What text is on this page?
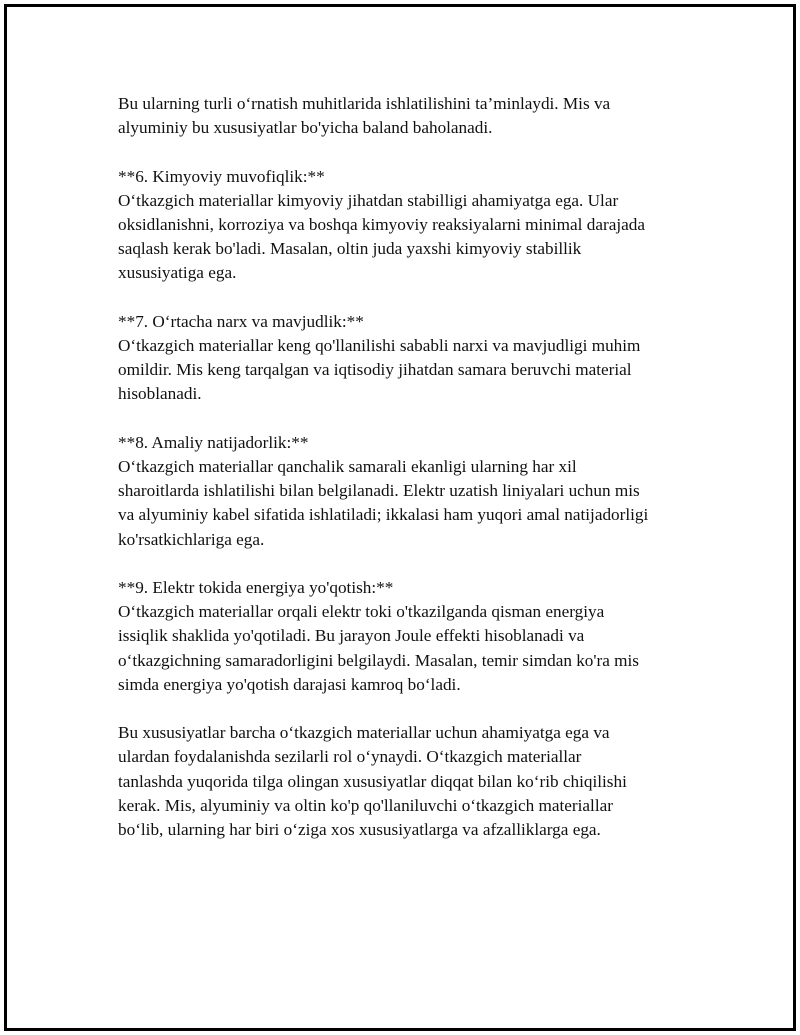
Bu ularning turli o‘rnatish muhitlarida ishlatilishini ta’minlaydi. Mis va
alyuminiy bu xususiyatlar bo'yicha baland baholanadi.

**6. Kimyoviy muvofiqlik:**

O‘tkazgich materiallar kimyoviy jihatdan stabilligi ahamiyatga ega. Ular
oksidlanishni, korroziya va boshqa kimyoviy reaksiyalarni minimal darajada
saqlash kerak bo'ladi. Masalan, oltin juda yaxshi kimyoviy stabillik
xususiyatiga ega.

**7. O‘rtacha narx va mavjudlik:**

O‘tkazgich materiallar keng qo'llanilishi sababli narxi va mavjudligi muhim
omildir. Mis keng tarqalgan va iqtisodiy jihatdan samara beruvchi material
hisoblanadi.

**8. Amaliy natijadorlik:**

O‘tkazgich materiallar qanchalik samarali ekanligi ularning har xil
sharoitlarda ishlatilishi bilan belgilanadi. Elektr uzatish liniyalari uchun mis
va alyuminiy kabel sifatida ishlatiladi; ikkalasi ham yuqori amal natijadorligi
ko'rsatkichlariga ega.

**9. Elektr tokida energiya yo'qotish:**

O‘tkazgich materiallar orqali elektr toki o'tkazilganda qisman energiya
issiqlik shaklida yo'qotiladi. Bu jarayon Joule effekti hisoblanadi va
o‘tkazgichning samaradorligini belgilaydi. Masalan, temir simdan ko'ra mis
simda energiya yo'qotish darajasi kamroq bo‘ladi.

Bu xususiyatlar barcha o‘tkazgich materiallar uchun ahamiyatga ega va
ulardan foydalanishda sezilarli rol o‘ynaydi. O‘tkazgich materiallar
tanlashda yuqorida tilga olingan xususiyatlar diqqat bilan ko‘rib chiqilishi
kerak. Mis, alyuminiy va oltin ko'p qo'llaniluvchi o‘tkazgich materiallar
bo‘lib, ularning har biri o‘ziga xos xususiyatlarga va afzalliklarga ega.
